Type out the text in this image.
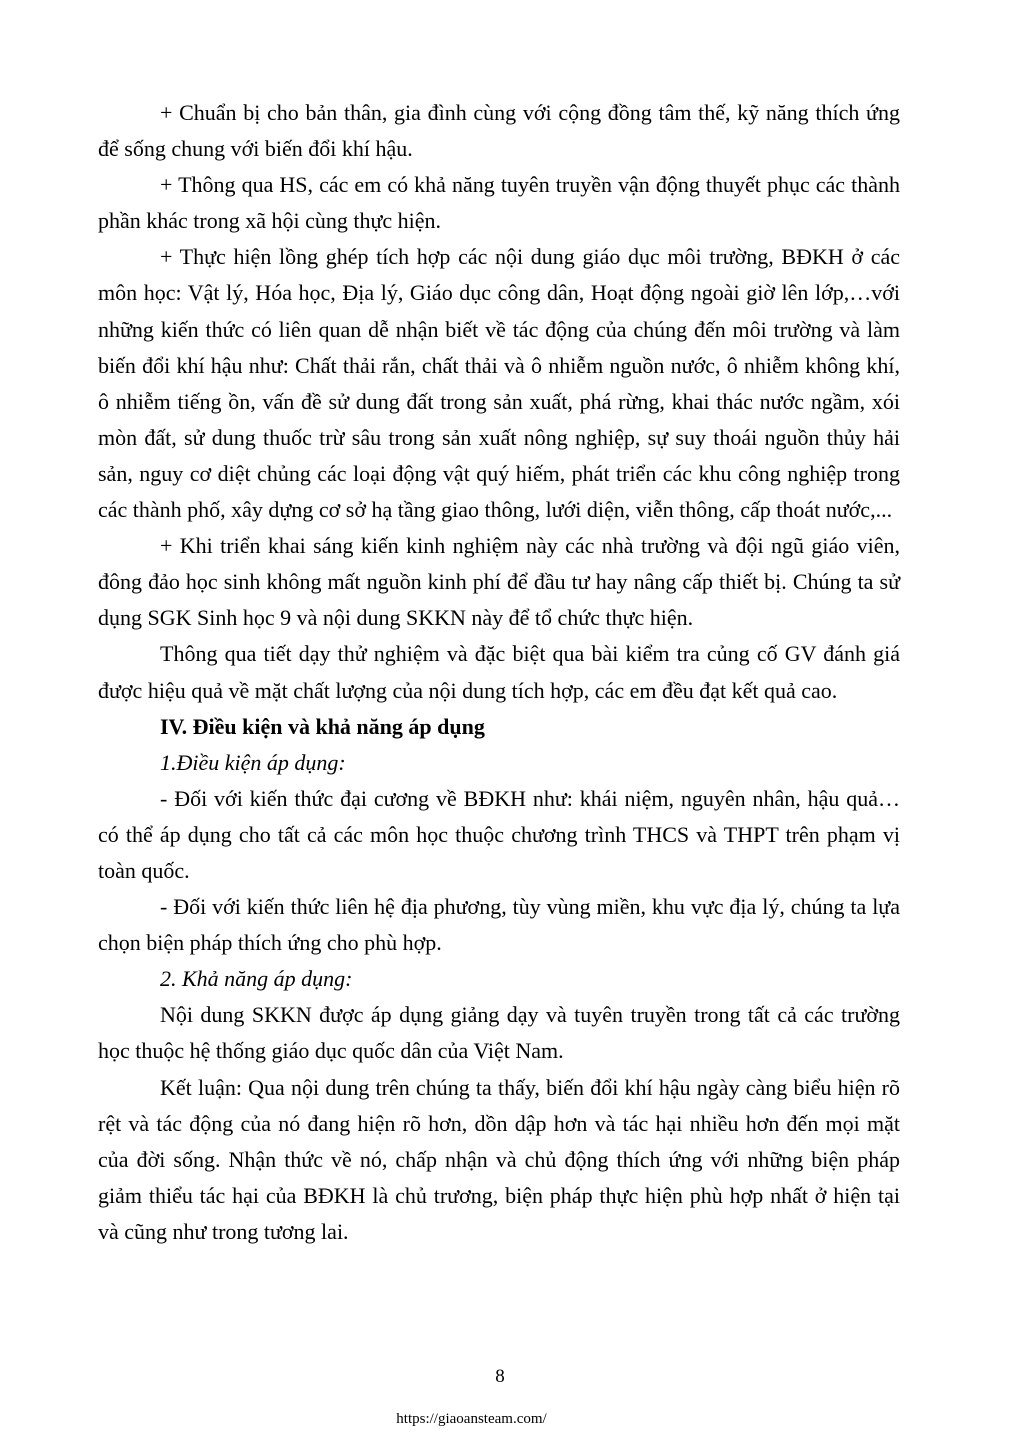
+ Chuẩn bị cho bản thân, gia đình cùng với cộng đồng tâm thế, kỹ năng thích ứng để sống chung với biến đổi khí hậu.

+ Thông qua HS, các em có khả năng tuyên truyền vận động thuyết phục các thành phần khác trong xã hội cùng thực hiện.

+ Thực hiện lồng ghép tích hợp các nội dung giáo dục môi trường, BĐKH ở các môn học: Vật lý, Hóa học, Địa lý, Giáo dục công dân, Hoạt động ngoài giờ lên lớp,…với những kiến thức có liên quan dễ nhận biết về tác động của chúng đến môi trường và làm biến đổi khí hậu như: Chất thải rắn, chất thải và ô nhiễm nguồn nước, ô nhiễm không khí, ô nhiễm tiếng ồn, vấn đề sử dung đất trong sản xuất, phá rừng, khai thác nước ngầm, xói mòn đất, sử dung thuốc trừ sâu trong sản xuất nông nghiệp, sự suy thoái nguồn thủy hải sản, nguy cơ diệt chủng các loại động vật quý hiếm, phát triển các khu công nghiệp trong các thành phố, xây dựng cơ sở hạ tầng giao thông, lưới diện, viễn thông, cấp thoát nước,...

+ Khi triển khai sáng kiến kinh nghiệm này các nhà trường và đội ngũ giáo viên, đông đảo học sinh không mất nguồn kinh phí để đầu tư hay nâng cấp thiết bị. Chúng ta sử dụng SGK Sinh học 9 và nội dung SKKN này để tổ chức thực hiện.

Thông qua tiết dạy thử nghiệm và đặc biệt qua bài kiểm tra củng cố GV đánh giá được hiệu quả về mặt chất lượng của nội dung tích hợp, các em đều đạt kết quả cao.

IV. Điều kiện và khả năng áp dụng

1.Điều kiện áp dụng:

- Đối với kiến thức đại cương về BĐKH như: khái niệm, nguyên nhân, hậu quả…có thể áp dụng cho tất cả các môn học thuộc chương trình THCS và THPT trên phạm vị toàn quốc.

- Đối với kiến thức liên hệ địa phương, tùy vùng miền, khu vực địa lý, chúng ta lựa chọn biện pháp thích ứng cho phù hợp.

2. Khả năng áp dụng:

Nội dung SKKN được áp dụng giảng dạy và tuyên truyền trong tất cả các trường học thuộc hệ thống giáo dục quốc dân của Việt Nam.

Kết luận: Qua nội dung trên chúng ta thấy, biến đổi khí hậu ngày càng biểu hiện rõ rệt và tác động của nó đang hiện rõ hơn, dồn dập hơn và tác hại nhiều hơn đến mọi mặt của đời sống. Nhận thức về nó, chấp nhận và chủ động thích ứng với những biện pháp giảm thiểu tác hại của BĐKH là chủ trương, biện pháp thực hiện phù hợp nhất ở hiện tại và cũng như trong tương lai.

8
https://giaoansteam.com/
